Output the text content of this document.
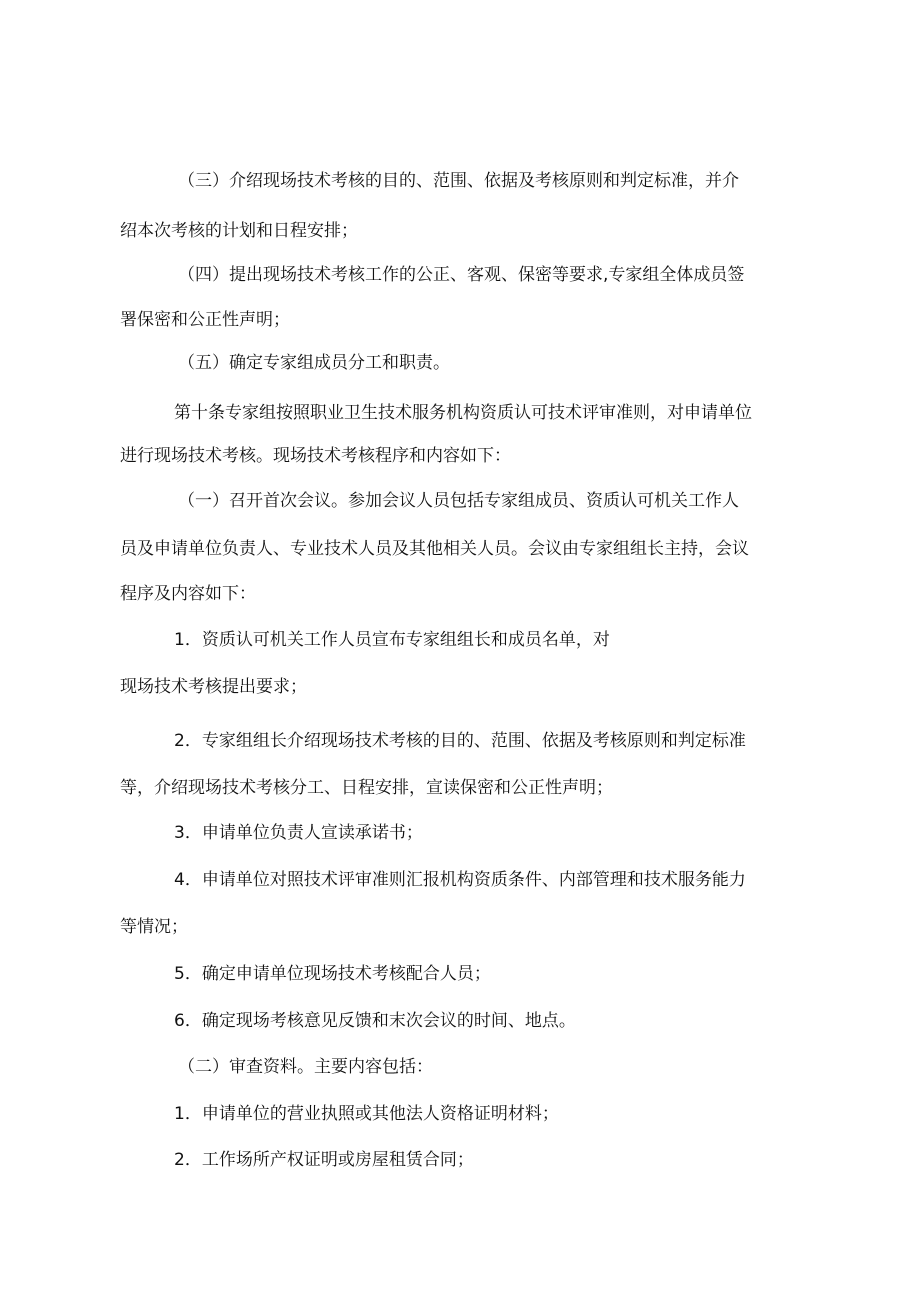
（三）介绍现场技术考核的目的、范围、依据及考核原则和判定标准，并介
绍本次考核的计划和日程安排；
（四）提出现场技术考核工作的公正、客观、保密等要求,专家组全体成员签
署保密和公正性声明；
（五）确定专家组成员分工和职责。
第十条专家组按照职业卫生技术服务机构资质认可技术评审准则，对申请单位
进行现场技术考核。现场技术考核程序和内容如下：
（一）召开首次会议。参加会议人员包括专家组成员、资质认可机关工作人
员及申请单位负责人、专业技术人员及其他相关人员。会议由专家组组长主持，会议
程序及内容如下：
1．资质认可机关工作人员宣布专家组组长和成员名单，对
现场技术考核提出要求；
2．专家组组长介绍现场技术考核的目的、范围、依据及考核原则和判定标准
等，介绍现场技术考核分工、日程安排，宣读保密和公正性声明；
3．申请单位负责人宣读承诺书；
4．申请单位对照技术评审准则汇报机构资质条件、内部管理和技术服务能力
等情况；
5．确定申请单位现场技术考核配合人员；
6．确定现场考核意见反馈和末次会议的时间、地点。
（二）审查资料。主要内容包括：
1．申请单位的营业执照或其他法人资格证明材料；
2．工作场所产权证明或房屋租赁合同；
